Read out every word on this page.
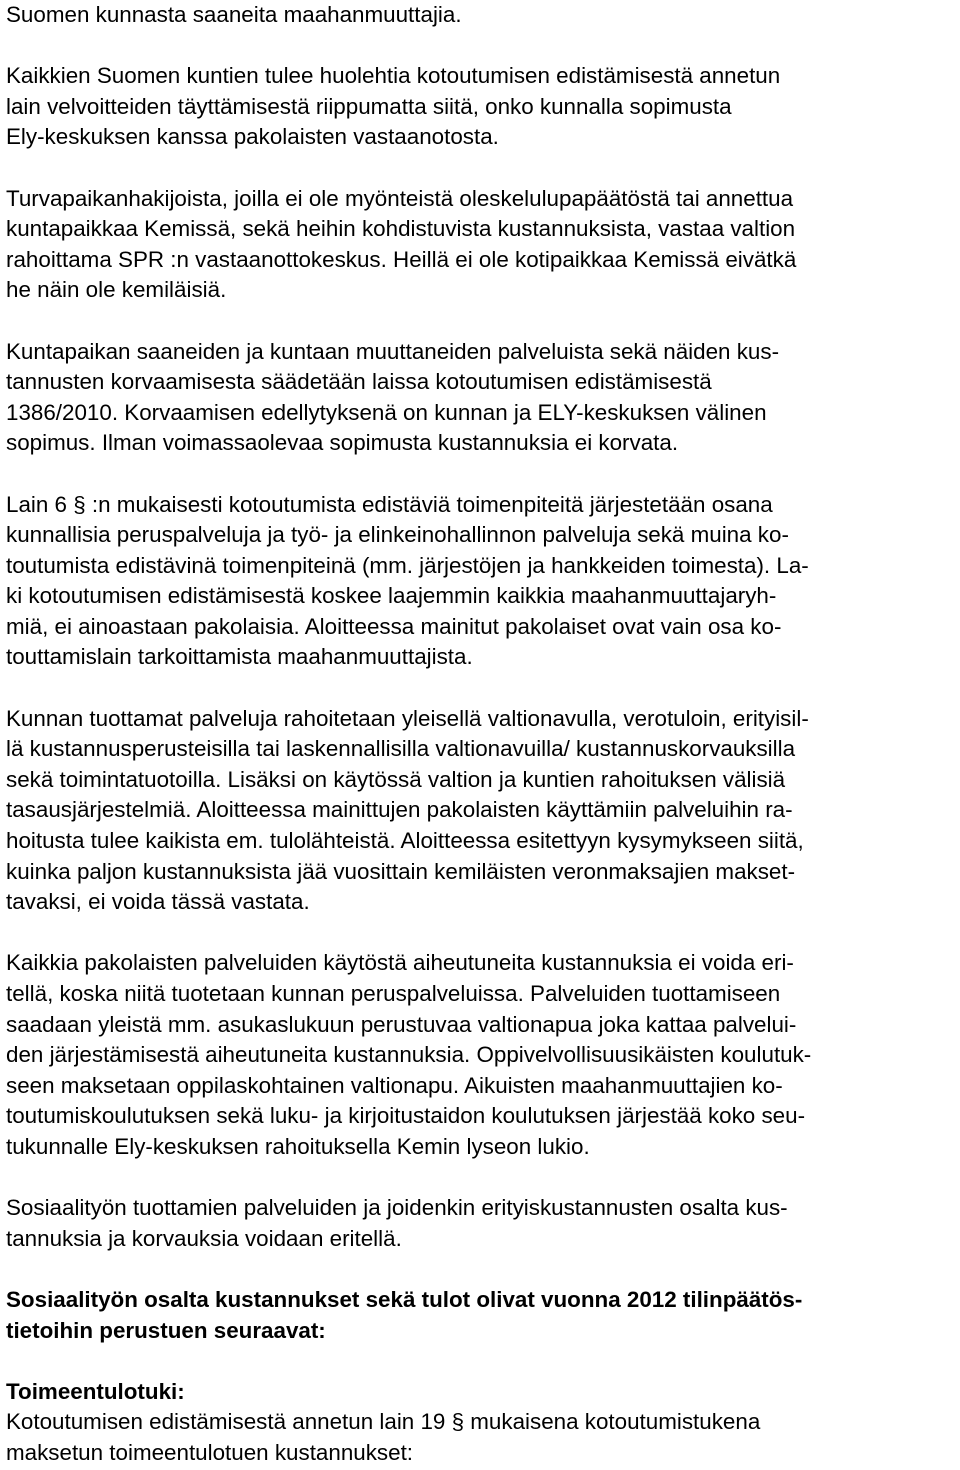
Suomen kunnasta saaneita maahanmuuttajia.

Kaikkien Suomen kuntien tulee huolehtia kotoutumisen edistämisestä annetun
lain velvoitteiden täyttämisestä riippumatta siitä, onko kunnalla sopimusta
Ely-keskuksen kanssa pakolaisten vastaanotosta.

Turvapaikanhakijoista, joilla ei ole myönteistä oleskelulupapäätöstä tai annettua
kuntapaikkaa Kemissä, sekä heihin kohdistuvista kustannuksista, vastaa valtion
rahoittama SPR :n vastaanottokeskus. Heillä ei ole kotipaikkaa Kemissä eivätkä
he näin ole kemiläisiä.

Kuntapaikan saaneiden ja kuntaan muuttaneiden palveluista sekä näiden kus-
tannusten korvaamisesta säädetään laissa kotoutumisen edistämisestä
1386/2010. Korvaamisen edellytyksenä on kunnan ja ELY-keskuksen välinen
sopimus. Ilman voimassaolevaa sopimusta kustannuksia ei korvata.

Lain 6 § :n mukaisesti kotoutumista edistäviä toimenpiteitä järjestetään osana
kunnallisia peruspalveluja ja työ- ja elinkeinohallinnon palveluja sekä muina ko-
toutumista edistävinä toimenpiteinä (mm. järjestöjen ja hankkeiden toimesta). La-
ki kotoutumisen edistämisestä koskee laajemmin kaikkia maahanmuuttajaryh-
miä, ei ainoastaan pakolaisia. Aloitteessa mainitut pakolaiset ovat vain osa ko-
touttamislain tarkoittamista maahanmuuttajista.

Kunnan tuottamat palveluja rahoitetaan yleisellä valtionavulla, verotuloin, erityisil-
lä kustannusperusteisilla tai laskennallisilla valtionavuilla/ kustannuskorvauksilla
sekä toimintatuotoilla. Lisäksi on käytössä valtion ja kuntien rahoituksen välisiä
tasausjärjestelmiä. Aloitteessa mainittujen pakolaisten käyttämiin palveluihin ra-
hoitusta tulee kaikista em. tulolähteistä. Aloitteessa esitettyyn kysymykseen siitä,
kuinka paljon kustannuksista jää vuosittain kemiläisten veronmaksajien makset-
tavaksi, ei voida tässä vastata.

Kaikkia pakolaisten palveluiden käytöstä aiheutuneita kustannuksia ei voida eri-
tellä, koska niitä tuotetaan kunnan peruspalveluissa. Palveluiden tuottamiseen
saadaan yleistä mm. asukaslukuun perustuvaa valtionapua joka kattaa palvelui-
den järjestämisestä aiheutuneita kustannuksia. Oppivelvollisuusikäisten koulutuk-
seen maksetaan oppilaskohtainen valtionapu. Aikuisten maahanmuuttajien ko-
toutumiskoulutuksen sekä luku- ja kirjoitustaidon koulutuksen järjestää koko seu-
tukunnalle Ely-keskuksen rahoituksella Kemin lyseon lukio.

Sosiaalityön tuottamien palveluiden ja joidenkin erityiskustannusten osalta kus-
tannuksia ja korvauksia voidaan eritellä.

Sosiaalityön osalta kustannukset sekä tulot olivat vuonna 2012 tilinpäätös-
tietoihin perustuen seuraavat:

Toimeentulotuki:
Kotoutumisen edistämisestä annetun lain 19 § mukaisena kotoutumistukena
maksetun toimeentulotuen kustannukset:
